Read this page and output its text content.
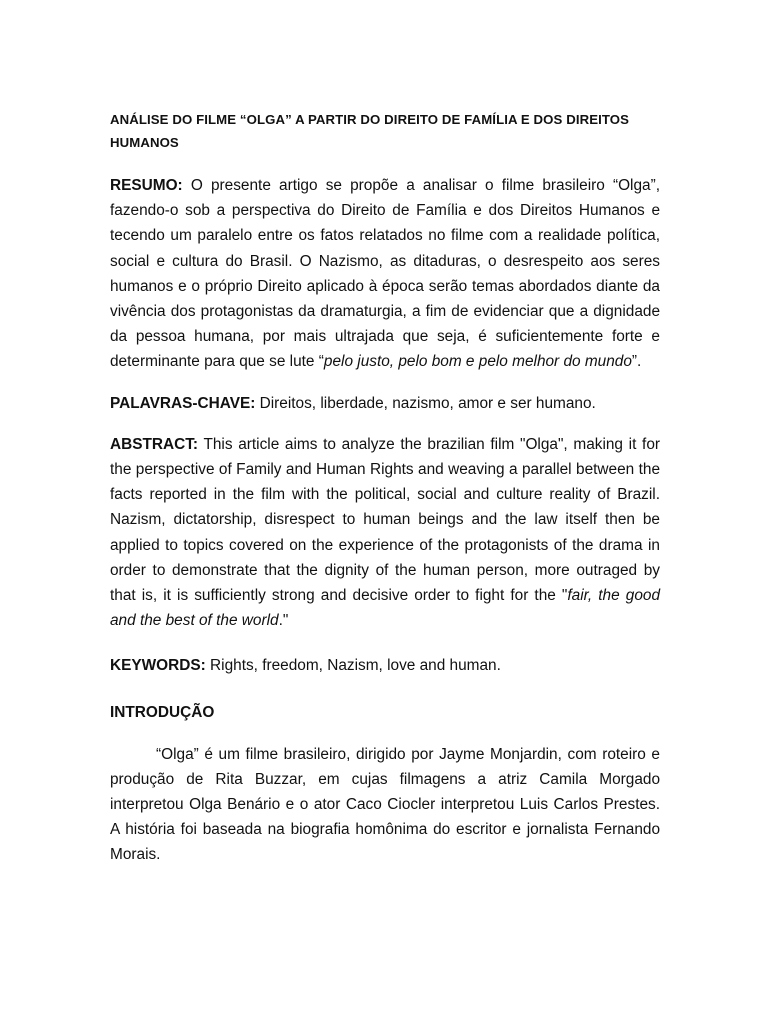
ANÁLISE DO FILME “OLGA” A PARTIR DO DIREITO DE FAMÍLIA E DOS DIREITOS HUMANOS

RESUMO: O presente artigo se propõe a analisar o filme brasileiro “Olga”, fazendo-o sob a perspectiva do Direito de Família e dos Direitos Humanos e tecendo um paralelo entre os fatos relatados no filme com a realidade política, social e cultura do Brasil. O Nazismo, as ditaduras, o desrespeito aos seres humanos e o próprio Direito aplicado à época serão temas abordados diante da vivência dos protagonistas da dramaturgia, a fim de evidenciar que a dignidade da pessoa humana, por mais ultrajada que seja, é suficientemente forte e determinante para que se lute “pelo justo, pelo bom e pelo melhor do mundo”.

PALAVRAS-CHAVE: Direitos, liberdade, nazismo, amor e ser humano.

ABSTRACT: This article aims to analyze the brazilian film "Olga", making it for the perspective of Family and Human Rights and weaving a parallel between the facts reported in the film with the political, social and culture reality of Brazil. Nazism, dictatorship, disrespect to human beings and the law itself then be applied to topics covered on the experience of the protagonists of the drama in order to demonstrate that the dignity of the human person, more outraged by that is, it is sufficiently strong and decisive order to fight for the "fair, the good and the best of the world."

KEYWORDS: Rights, freedom, Nazism, love and human.

INTRODUÇÃO

“Olga” é um filme brasileiro, dirigido por Jayme Monjardin, com roteiro e produção de Rita Buzzar, em cujas filmagens a atriz Camila Morgado interpretou Olga Benário e o ator Caco Ciocler interpretou Luis Carlos Prestes. A história foi baseada na biografia homônima do escritor e jornalista Fernando Morais.
